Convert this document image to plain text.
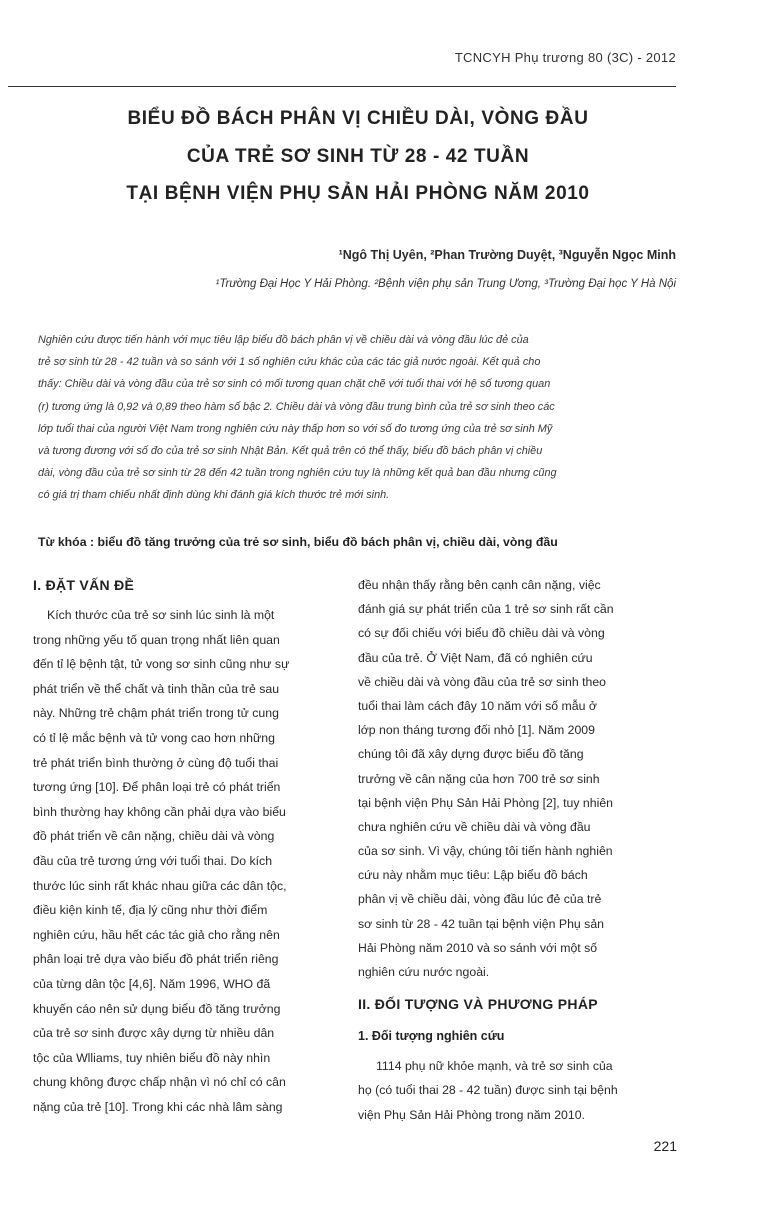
TCNCYH Phụ trương 80 (3C) - 2012
BIỂU ĐỒ BÁCH PHÂN VỊ CHIỀU DÀI, VÒNG ĐẦU
CỦA TRẺ SƠ SINH TỪ 28 - 42 TUẦN
TẠI BỆNH VIỆN PHỤ SẢN HẢI PHÒNG NĂM 2010
¹Ngô Thị Uyên, ²Phan Trường Duyệt, ³Nguyễn Ngọc Minh
¹Trường Đại Học Y Hải Phòng. ²Bệnh viện phụ sản Trung Ương, ³Trường Đại học Y Hà Nội
Nghiên cứu được tiến hành với mục tiêu lập biểu đồ bách phân vị về chiều dài và vòng đầu lúc đẻ của
trẻ sơ sinh từ 28 - 42 tuần và so sánh với 1 số nghiên cứu khác của các tác giả nước ngoài. Kết quả cho
thấy: Chiều dài và vòng đầu của trẻ sơ sinh có mối tương quan chặt chẽ với tuổi thai với hệ số tương quan
(r) tương ứng là 0,92 và 0,89 theo hàm số bậc 2. Chiều dài và vòng đầu trung bình của trẻ sơ sinh theo các
lớp tuổi thai của người Việt Nam trong nghiên cứu này thấp hơn so với số đo tương ứng của trẻ sơ sinh Mỹ
và tương đương với số đo của trẻ sơ sinh Nhật Bản. Kết quả trên có thể thấy, biểu đồ bách phân vị chiều
dài, vòng đầu của trẻ sơ sinh từ 28 đến 42 tuần trong nghiên cứu tuy là những kết quả ban đầu nhưng cũng
có giá trị tham chiếu nhất định dùng khi đánh giá kích thước trẻ mới sinh.
Từ khóa : biểu đồ tăng trưởng của trẻ sơ sinh, biểu đồ bách phân vị, chiều dài, vòng đầu
I. ĐẶT VẤN ĐỀ
Kích thước của trẻ sơ sinh lúc sinh là một
trong những yếu tố quan trọng nhất liên quan
đến tỉ lệ bệnh tật, tử vong sơ sinh cũng như sự
phát triển về thể chất và tinh thần của trẻ sau
này. Những trẻ chậm phát triển trong tử cung
có tỉ lệ mắc bệnh và tử vong cao hơn những
trẻ phát triển bình thường ở cùng độ tuổi thai
tương ứng [10]. Để phân loại trẻ có phát triển
bình thường hay không cần phải dựa vào biểu
đồ phát triển về cân nặng, chiều dài và vòng
đầu của trẻ tương ứng với tuổi thai. Do kích
thước lúc sinh rất khác nhau giữa các dân tộc,
điều kiện kinh tế, địa lý cũng như thời điểm
nghiên cứu, hầu hết các tác giả cho rằng nên
phân loại trẻ dựa vào biểu đồ phát triển riêng
của từng dân tộc [4,6]. Năm 1996, WHO đã
khuyến cáo nên sử dụng biểu đồ tăng trưởng
của trẻ sơ sinh được xây dựng từ nhiều dân
tộc của Wlliams, tuy nhiên biểu đồ này nhìn
chung không được chấp nhận vì nó chỉ có cân
nặng của trẻ [10]. Trong khi các nhà lâm sàng
đều nhận thấy rằng bên cạnh cân nặng, việc
đánh giá sự phát triển của 1 trẻ sơ sinh rất cần
có sự đối chiếu với biểu đồ chiều dài và vòng
đầu của trẻ. Ở Việt Nam, đã có nghiên cứu
về chiều dài và vòng đầu của trẻ sơ sinh theo
tuổi thai làm cách đây 10 năm với số mẫu ở
lớp non tháng tương đối nhỏ [1]. Năm 2009
chúng tôi đã xây dựng được biểu đồ tăng
trưởng về cân nặng của hơn 700 trẻ sơ sinh
tại bệnh viện Phụ Sản Hải Phòng [2], tuy nhiên
chưa nghiên cứu về chiều dài và vòng đầu
của sơ sinh. Vì vậy, chúng tôi tiến hành nghiên
cứu này nhằm mục tiêu: Lập biểu đồ bách
phân vị về chiều dài, vòng đầu lúc đẻ của trẻ
sơ sinh từ 28 - 42 tuần tại bệnh viện Phụ sản
Hải Phòng năm 2010 và so sánh với một số
nghiên cứu nước ngoài.
II. ĐỐI TƯỢNG VÀ PHƯƠNG PHÁP
1. Đối tượng nghiên cứu
1114 phụ nữ khỏe mạnh, và trẻ sơ sinh của
họ (có tuổi thai 28 - 42 tuần) được sinh tại bệnh
viện Phụ Sản Hải Phòng trong năm 2010.
221
